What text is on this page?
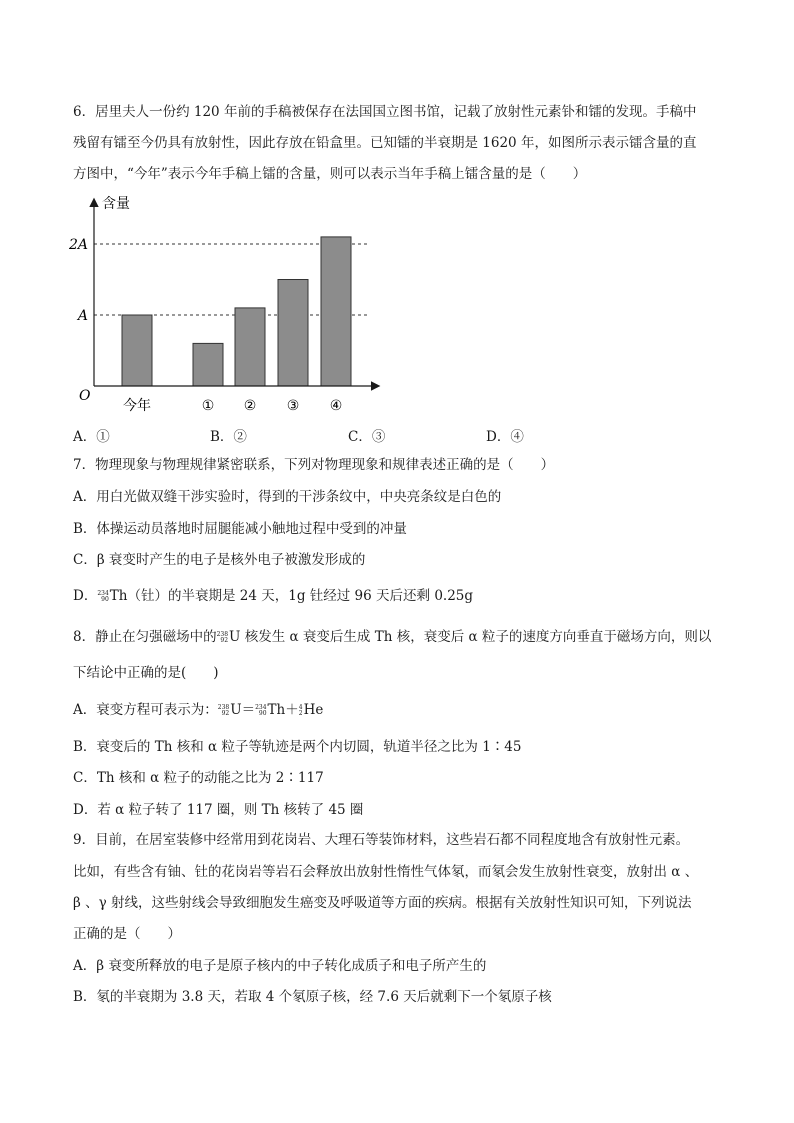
6．居里夫人一份约 120 年前的手稿被保存在法国国立图书馆，记载了放射性元素钋和镭的发现。手稿中
残留有镭至今仍具有放射性，因此存放在铅盒里。已知镭的半衰期是 1620 年，如图所示表示镭含量的直
方图中，“今年”表示今年手稿上镭的含量，则可以表示当年手稿上镭含量的是（　　）
含量
O
A
2A
今年	① ② ③ ④
A．①	B．②	C．③	D．④
7．物理现象与物理规律紧密联系，下列对物理现象和规律表述正确的是（　　）
A．用白光做双缝干涉实验时，得到的干涉条纹中，中央亮条纹是白色的
B．体操运动员落地时屈腿能减小触地过程中受到的冲量
C．β 衰变时产生的电子是核外电子被激发形成的
D． 234
90 Th（钍）的半衰期是 24 天，1g 钍经过 96 天后还剩 0.25g
8．静止在匀强磁场中的 238
92 U 核发生 α 衰变后生成 Th 核，衰变后 α 粒子的速度方向垂直于磁场方向，则以
下结论中正确的是(　　)
A．衰变方程可表示为： 238
92 U＝ 234
90 Th＋ 4
2 He
B．衰变后的 Th 核和 α 粒子等轨迹是两个内切圆，轨道半径之比为 1∶45
C．Th 核和 α 粒子的动能之比为 2∶117
D．若 α 粒子转了 117 圈，则 Th 核转了 45 圈
9．目前，在居室装修中经常用到花岗岩、大理石等装饰材料，这些岩石都不同程度地含有放射性元素。
比如，有些含有铀、钍的花岗岩等岩石会释放出放射性惰性气体氡，而氡会发生放射性衰变，放射出 α 、
β 、γ 射线，这些射线会导致细胞发生癌变及呼吸道等方面的疾病。根据有关放射性知识可知，下列说法
正确的是（　　）
A．β 衰变所释放的电子是原子核内的中子转化成质子和电子所产生的
B．氡的半衰期为 3.8 天，若取 4 个氡原子核，经 7.6 天后就剩下一个氡原子核
